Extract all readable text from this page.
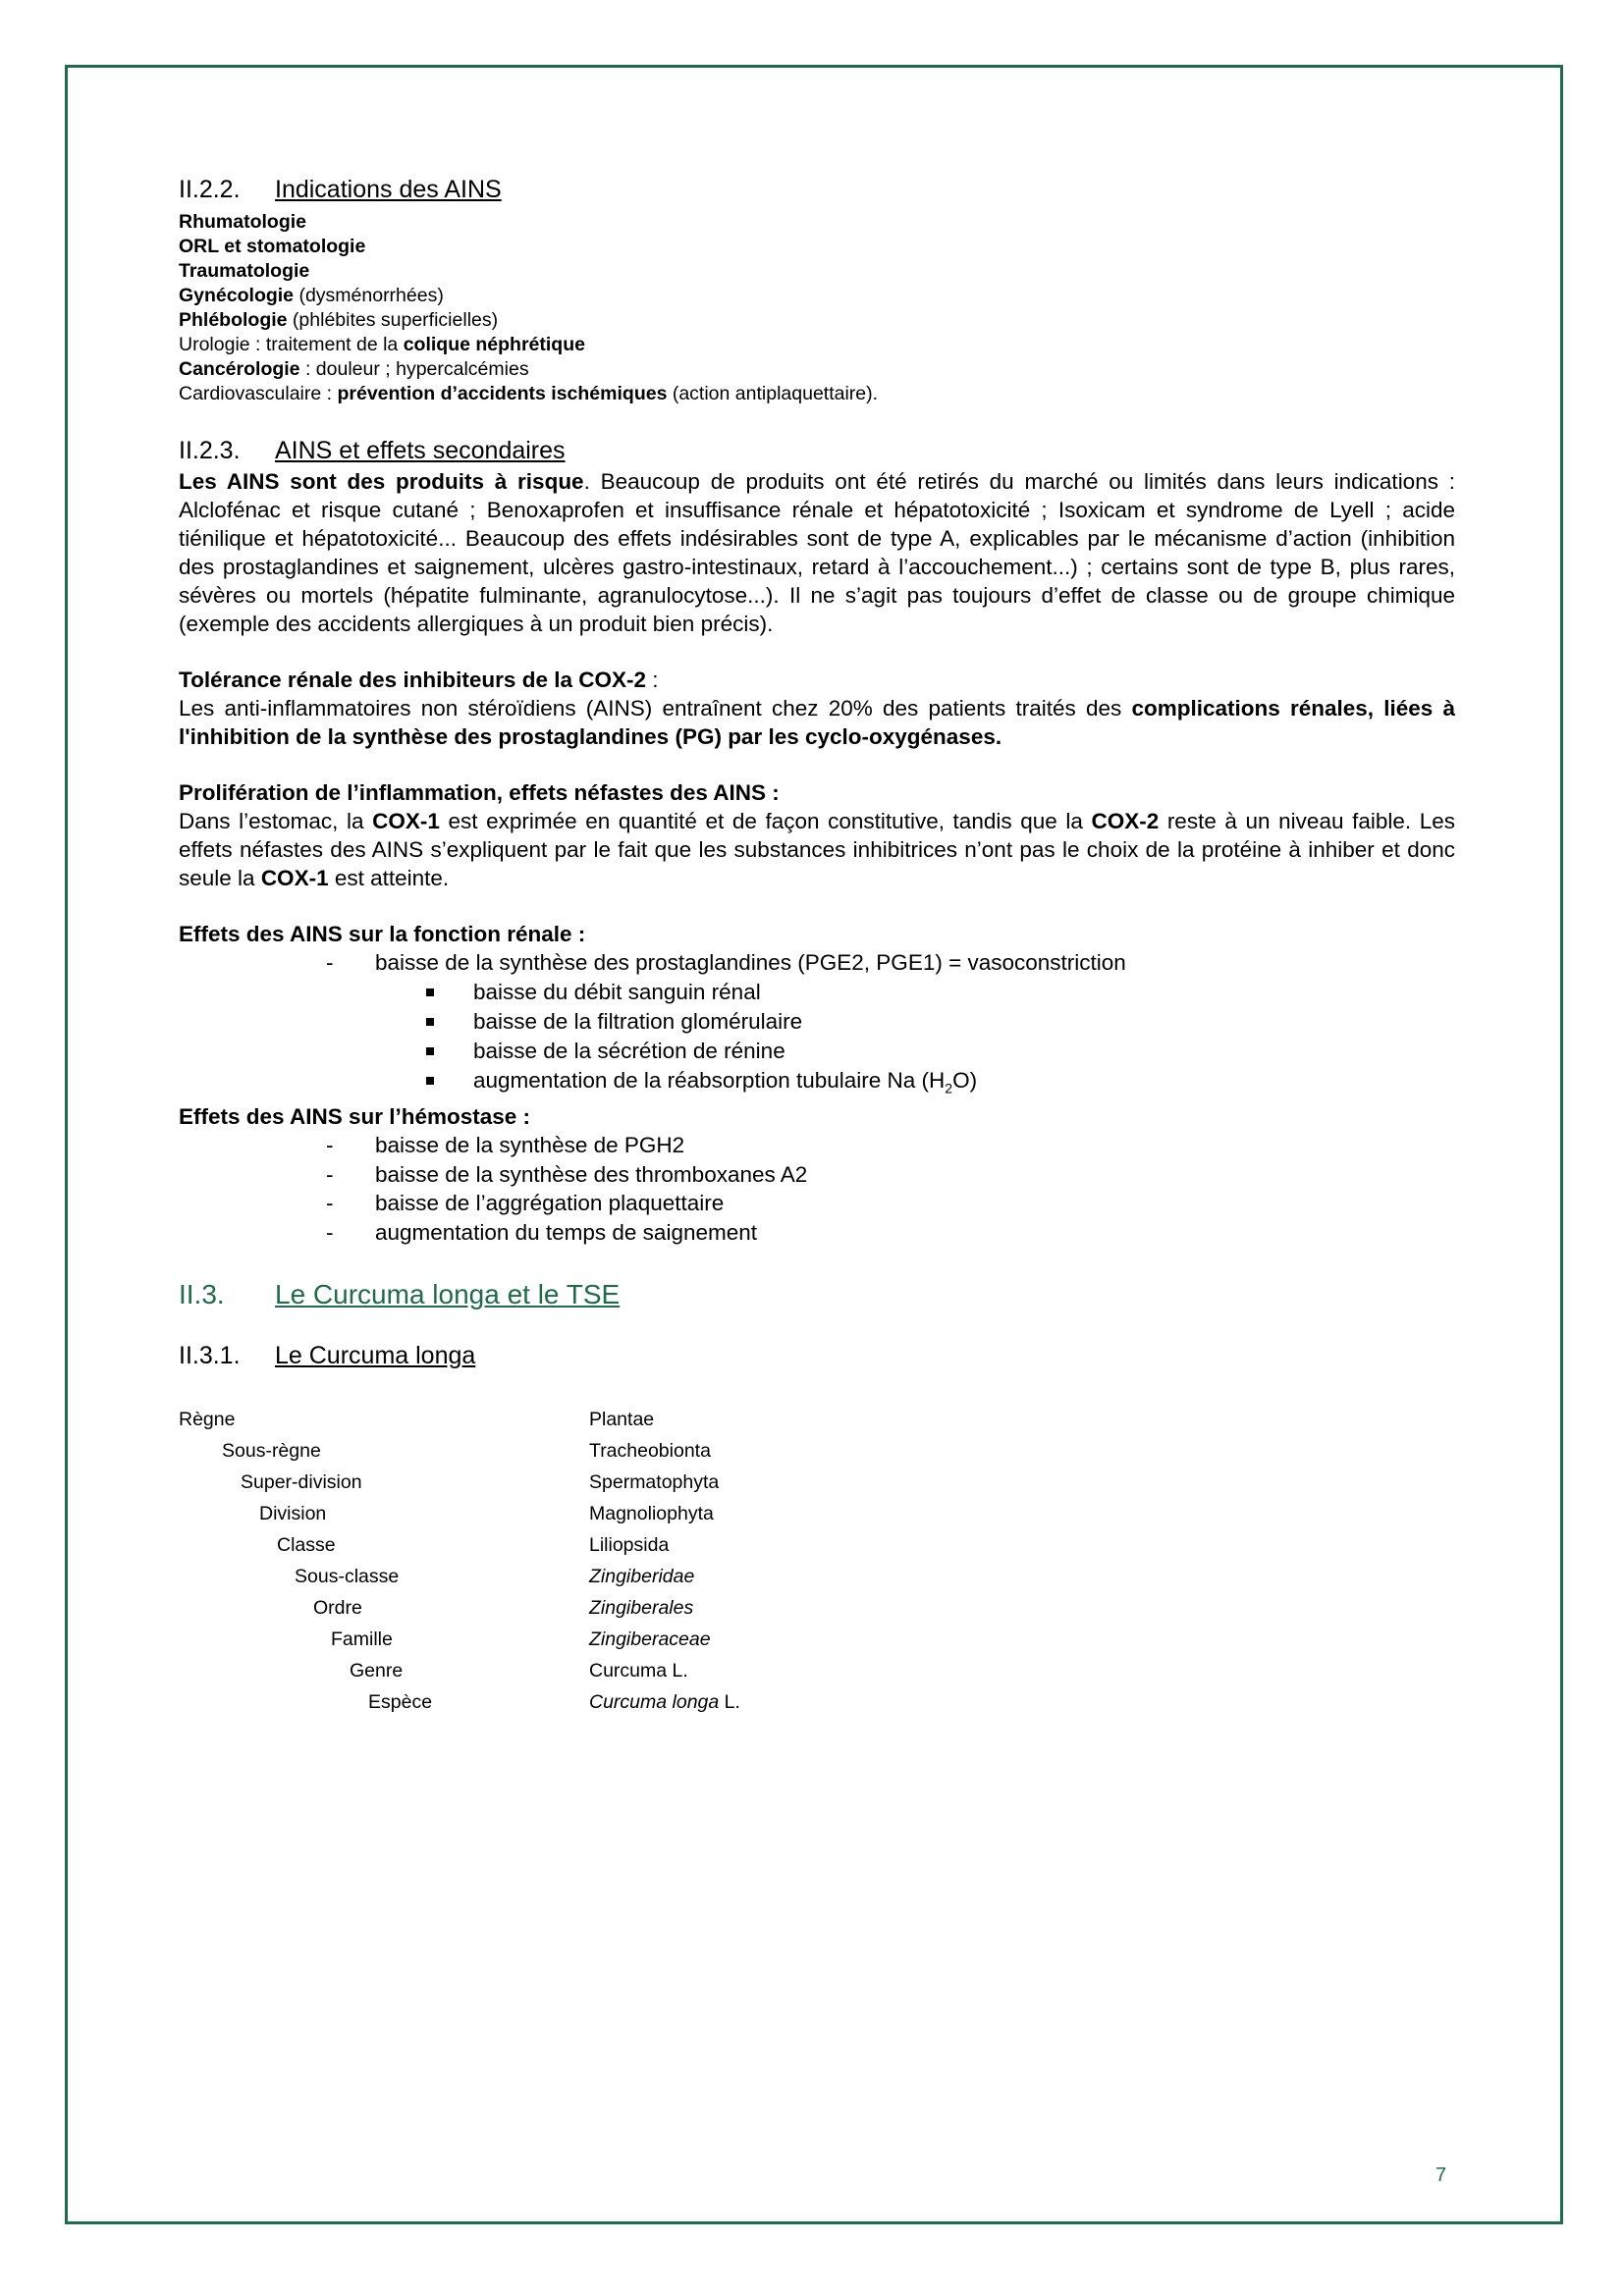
II.2.2. Indications des AINS
Rhumatologie
ORL et stomatologie
Traumatologie
Gynécologie (dysménorrhées)
Phlébologie (phlébites superficielles)
Urologie : traitement de la colique néphrétique
Cancérologie : douleur ; hypercalcémies
Cardiovasculaire : prévention d’accidents ischémiques (action antiplaquettaire).
II.2.3. AINS et effets secondaires

Les AINS sont des produits à risque. Beaucoup de produits ont été retirés du marché ou limités dans leurs indications : Alclofénac et risque cutané ; Benoxaprofen et insuffisance rénale et hépatotoxicité ; Isoxicam et syndrome de Lyell ; acide tiénilique et hépatotoxicité... Beaucoup des effets indésirables sont de type A, explicables par le mécanisme d’action (inhibition des prostaglandines et saignement, ulcères gastro-intestinaux, retard à l’accouchement...) ; certains sont de type B, plus rares, sévères ou mortels (hépatite fulminante, agranulocytose...). Il ne s’agit pas toujours d’effet de classe ou de groupe chimique (exemple des accidents allergiques à un produit bien précis).

Tolérance rénale des inhibiteurs de la COX-2 :

Les anti-inflammatoires non stéroïdiens (AINS) entraînent chez 20% des patients traités des complications rénales, liées à l'inhibition de la synthèse des prostaglandines (PG) par les cyclo-oxygénases.

Prolifération de l’inflammation, effets néfastes des AINS :

Dans l’estomac, la COX-1 est exprimée en quantité et de façon constitutive, tandis que la COX-2 reste à un niveau faible. Les effets néfastes des AINS s’expliquent par le fait que les substances inhibitrices n’ont pas le choix de la protéine à inhiber et donc seule la COX-1 est atteinte.

Effets des AINS sur la fonction rénale :

- baisse de la synthèse des prostaglandines (PGE2, PGE1) = vasoconstriction
baisse du débit sanguin rénal
baisse de la filtration glomérulaire
baisse de la sécrétion de rénine
augmentation de la réabsorption tubulaire Na $(H_2O)$
Effets des AINS sur l’hémostase :
- baisse de la synthèse de PGH2
- baisse de la synthèse des thromboxanes A2
- baisse de l’aggrégation plaquettaire
- augmentation du temps de saignement
II.3. Le Curcuma longa et le TSE
II.3.1. Le Curcuma longa
Règne	Plantae
Sous-règne	Tracheobionta
Super-division	Spermatophyta
Division	Magnoliophyta
Classe	Liliopsida
Sous-classe	Zingiberidae
Ordre	Zingiberales
Famille	Zingiberaceae
Genre	Curcuma L.
Espèce	Curcuma longa L.
7
